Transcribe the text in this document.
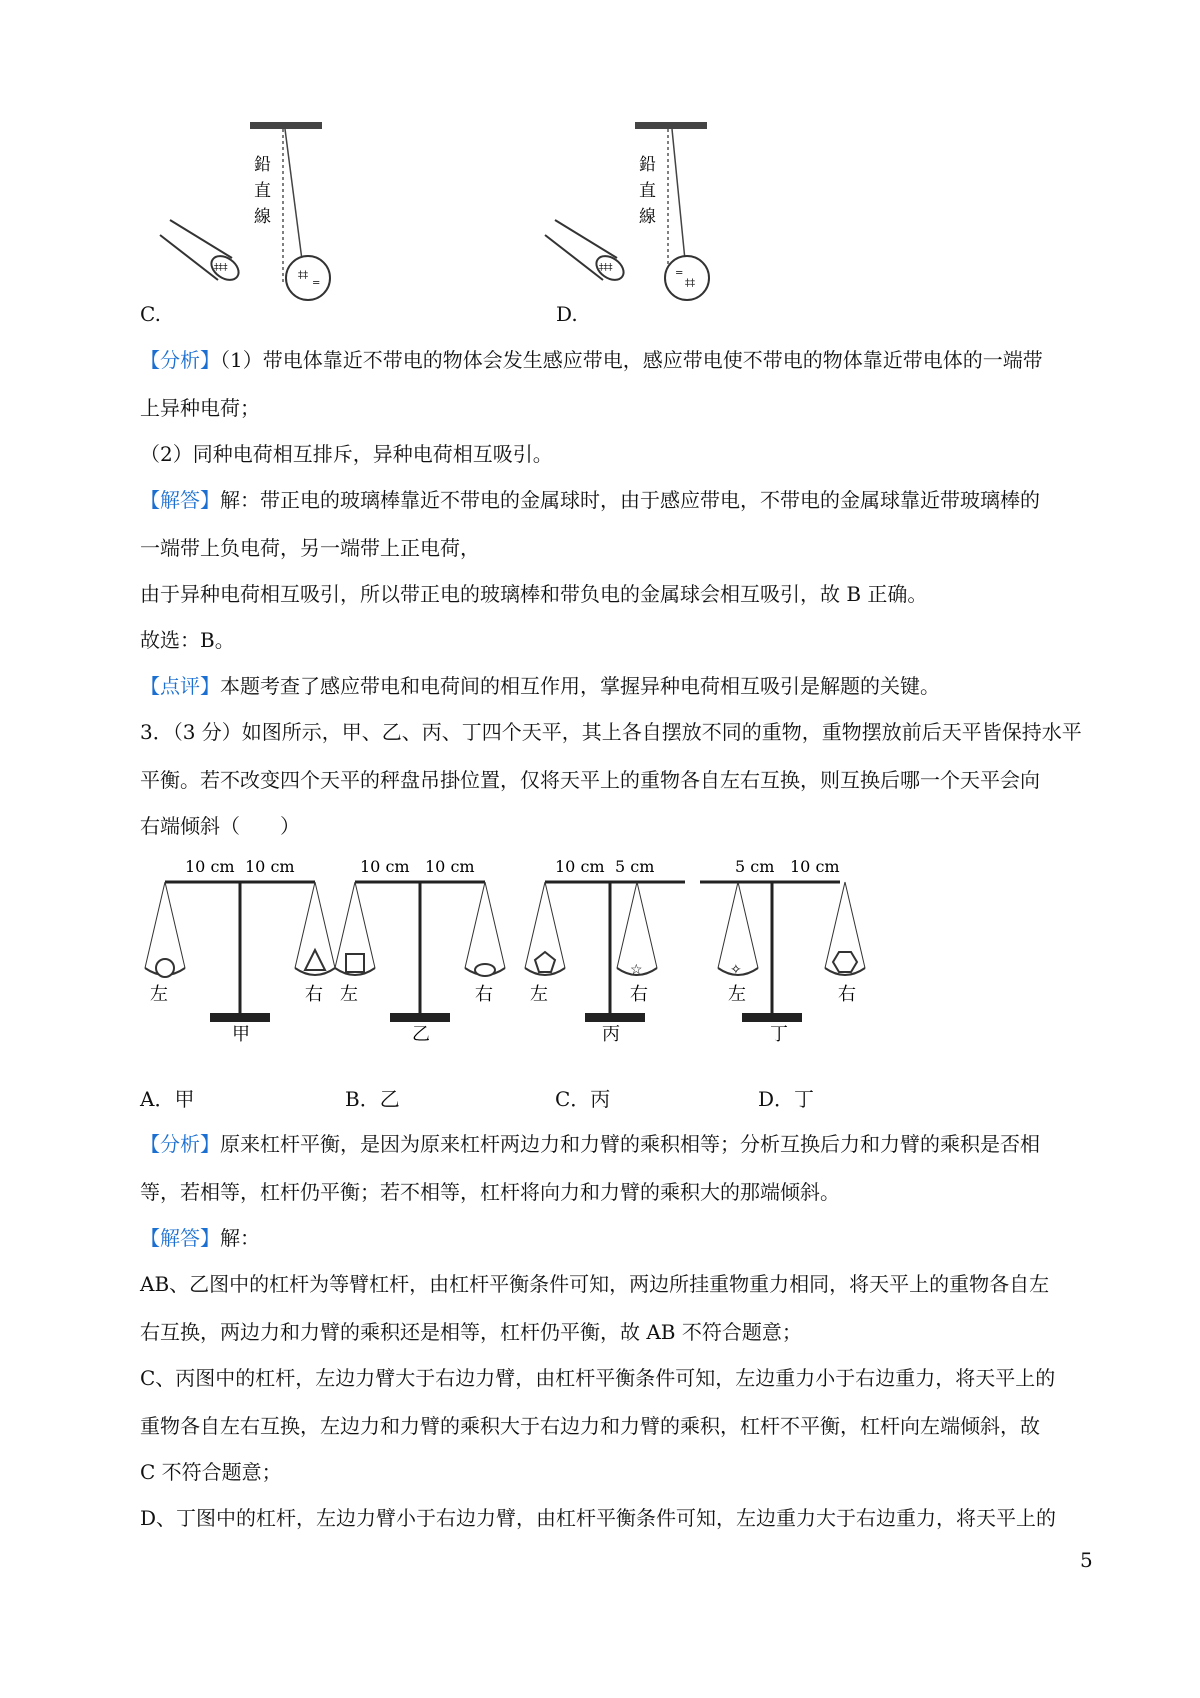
‡‡
=
‡‡‡
鉛
直
線
C.
=
‡‡
‡‡‡
鉛
直
線
D.
【分析】（1）带电体靠近不带电的物体会发生感应带电，感应带电使不带电的物体靠近带电体的一端带
上异种电荷；
（2）同种电荷相互排斥，异种电荷相互吸引。
【解答】解：带正电的玻璃棒靠近不带电的金属球时，由于感应带电，不带电的金属球靠近带玻璃棒的
一端带上负电荷，另一端带上正电荷，
由于异种电荷相互吸引，所以带正电的玻璃棒和带负电的金属球会相互吸引，故 B 正确。
故选：B。
【点评】本题考查了感应带电和电荷间的相互作用，掌握异种电荷相互吸引是解题的关键。
3．（3 分）如图所示，甲、乙、丙、丁四个天平，其上各自摆放不同的重物，重物摆放前后天平皆保持水平
平衡。若不改变四个天平的秤盘吊掛位置，仅将天平上的重物各自左右互换，则互换后哪一个天平会向
右端倾斜（　　）
10 cm 10 cm
左	右
甲
10 cm 10 cm
左	右
乙
10 cm 5 cm
☆
左	右
丙
5 cm 10 cm
✧
左	右
丁
A．甲	B．乙	C．丙	D．丁
【分析】原来杠杆平衡，是因为原来杠杆两边力和力臂的乘积相等；分析互换后力和力臂的乘积是否相
等，若相等，杠杆仍平衡；若不相等，杠杆将向力和力臂的乘积大的那端倾斜。
【解答】解：
AB、乙图中的杠杆为等臂杠杆，由杠杆平衡条件可知，两边所挂重物重力相同，将天平上的重物各自左
右互换，两边力和力臂的乘积还是相等，杠杆仍平衡，故 AB 不符合题意；
C、丙图中的杠杆，左边力臂大于右边力臂，由杠杆平衡条件可知，左边重力小于右边重力，将天平上的
重物各自左右互换，左边力和力臂的乘积大于右边力和力臂的乘积，杠杆不平衡，杠杆向左端倾斜，故
C 不符合题意；
D、丁图中的杠杆，左边力臂小于右边力臂，由杠杆平衡条件可知，左边重力大于右边重力，将天平上的
5
